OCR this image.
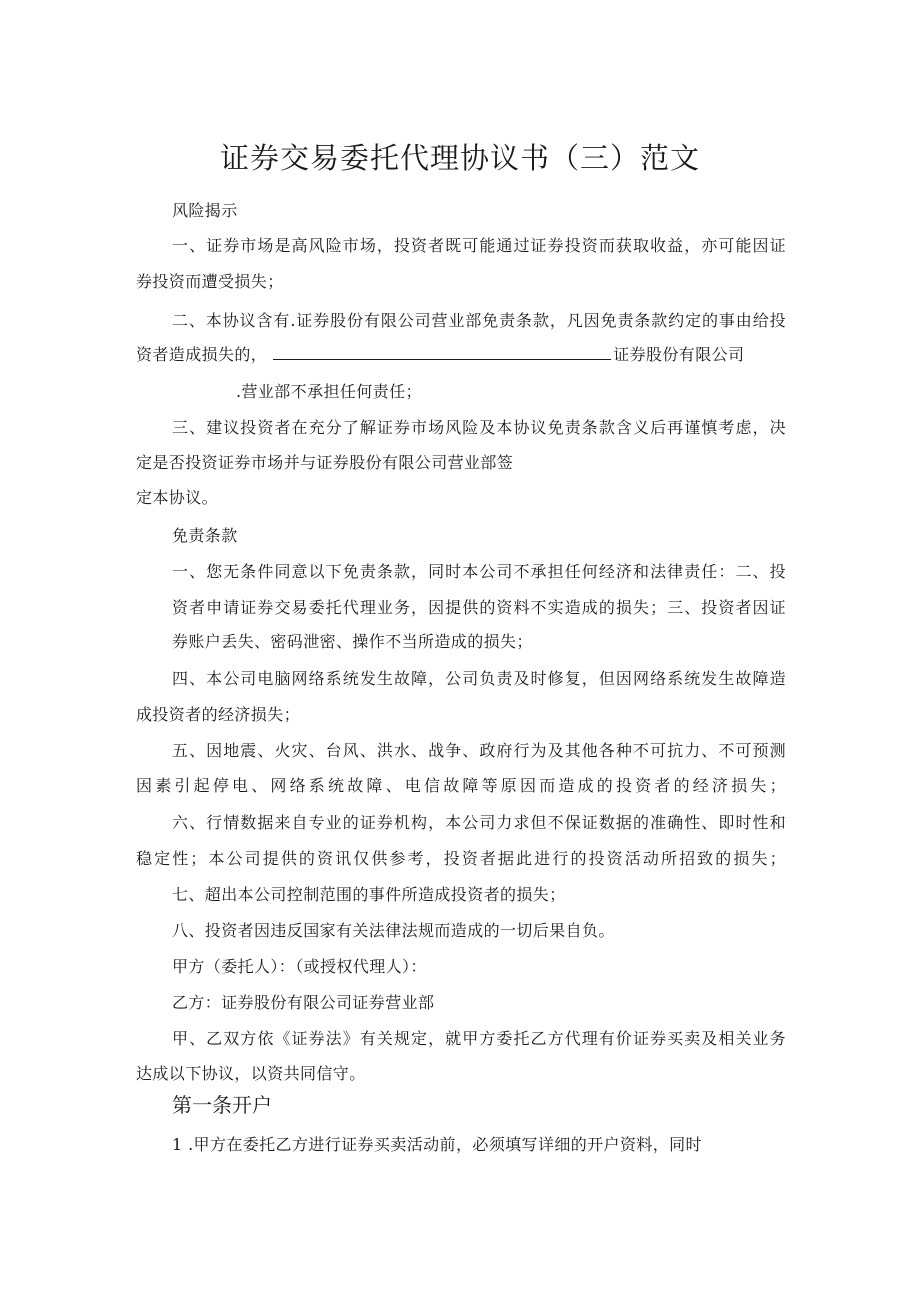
证券交易委托代理协议书（三）范文
风险揭示
一、证券市场是高风险市场，投资者既可能通过证券投资而获取收益，亦可能因证
券投资而遭受损失；
二、本协议含有.证券股份有限公司营业部免责条款，凡因免责条款约定的事由给投
资者造成损失的，	证券股份有限公司
.营业部不承担任何责任；
三、建议投资者在充分了解证券市场风险及本协议免责条款含义后再谨慎考虑，决
定是否投资证券市场并与证券股份有限公司营业部签
定本协议。
免责条款
一、您无条件同意以下免责条款，同时本公司不承担任何经济和法律责任：二、投
资者申请证券交易委托代理业务，因提供的资料不实造成的损失；三、投资者因证
券账户丢失、密码泄密、操作不当所造成的损失；
四、本公司电脑网络系统发生故障，公司负责及时修复，但因网络系统发生故障造
成投资者的经济损失；
五、因地震、火灾、台风、洪水、战争、政府行为及其他各种不可抗力、不可预测
因素引起停电、网络系统故障、电信故障等原因而造成的投资者的经济损失；
六、行情数据来自专业的证券机构，本公司力求但不保证数据的准确性、即时性和
稳定性；本公司提供的资讯仅供参考，投资者据此进行的投资活动所招致的损失；
七、超出本公司控制范围的事件所造成投资者的损失；
八、投资者因违反国家有关法律法规而造成的一切后果自负。
甲方（委托人）：（或授权代理人）：
乙方：证券股份有限公司证券营业部
甲、乙双方依《证券法》有关规定，就甲方委托乙方代理有价证券买卖及相关业务
达成以下协议，以资共同信守。
第一条开户
1 .甲方在委托乙方进行证券买卖活动前，必须填写详细的开户资料，同时
